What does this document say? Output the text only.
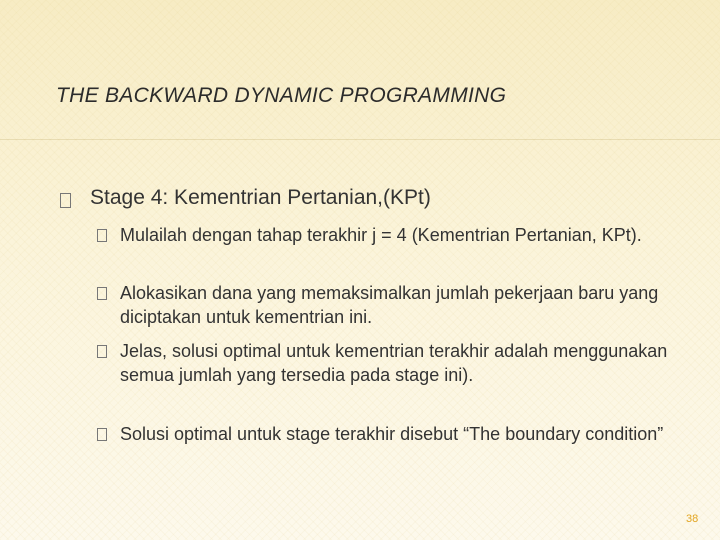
THE BACKWARD DYNAMIC PROGRAMMING

Stage 4: Kementrian Pertanian,(KPt)

Mulailah dengan tahap terakhir j = 4 (Kementrian Pertanian, KPt).

Alokasikan dana yang memaksimalkan jumlah pekerjaan baru yang diciptakan untuk kementrian ini.

Jelas, solusi optimal untuk kementrian terakhir adalah menggunakan semua jumlah yang tersedia pada stage ini).

Solusi optimal untuk stage terakhir disebut “The boundary condition”

38
